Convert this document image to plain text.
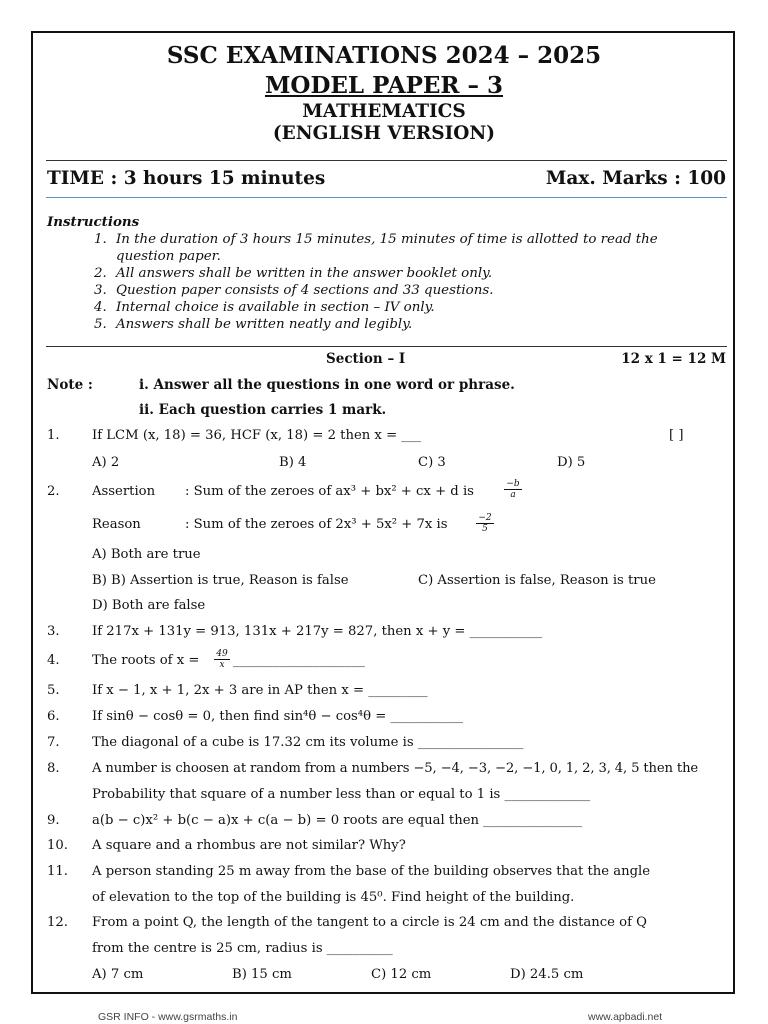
SSC EXAMINATIONS 2024 – 2025
MODEL PAPER – 3
MATHEMATICS
(ENGLISH VERSION)
TIME : 3 hours 15 minutes	Max. Marks : 100
Instructions
1. In the duration of 3 hours 15 minutes, 15 minutes of time is allotted to read the
question paper.
2. All answers shall be written in the answer booklet only.
3. Question paper consists of 4 sections and 33 questions.
4. Internal choice is available in section – IV only.
5. Answers shall be written neatly and legibly.
Section – I	12 x 1 = 12 M
Note :	i. Answer all the questions in one word or phrase.
ii. Each question carries 1 mark.
1. If LCM (x, 18) = 36, HCF (x, 18) = 2 then x = ___	[ ]
A) 2	B) 4	C) 3	D) 5
2. Assertion : Sum of the zeroes of ax³ + bx² + cx + d is	$\frac{-b}{a}$
Reason	: Sum of the zeroes of 2x³ + 5x² + 7x is	$\frac{-2}{5}$
A) Both are true
B) B) Assertion is true, Reason is false	C) Assertion is false, Reason is true
D) Both are false
3. If 217x + 131y = 913, 131x + 217y = 827, then x + y = ___________
4. The roots of $x = \frac{49}{x}$ ____________________
5. If x − 1, x + 1, 2x + 3 are in AP then x = _________
6. If sinθ − cosθ = 0, then find sin⁴θ − cos⁴θ = ___________
7. The diagonal of a cube is 17.32 cm its volume is ________________
8. A number is choosen at random from a numbers −5, −4, −3, −2, −1, 0, 1, 2, 3, 4, 5 then the
Probability that square of a number less than or equal to 1 is _____________
9. a(b − c)x² + b(c − a)x + c(a − b) = 0 roots are equal then _______________
10. A square and a rhombus are not similar? Why?
11. A person standing 25 m away from the base of the building observes that the angle
of elevation to the top of the building is 45⁰. Find height of the building.
12. From a point Q, the length of the tangent to a circle is 24 cm and the distance of Q
from the centre is 25 cm, radius is __________
A) 7 cm	B) 15 cm	C) 12 cm	D) 24.5 cm
GSR INFO - www.gsrmaths.in	www.apbadi.net
